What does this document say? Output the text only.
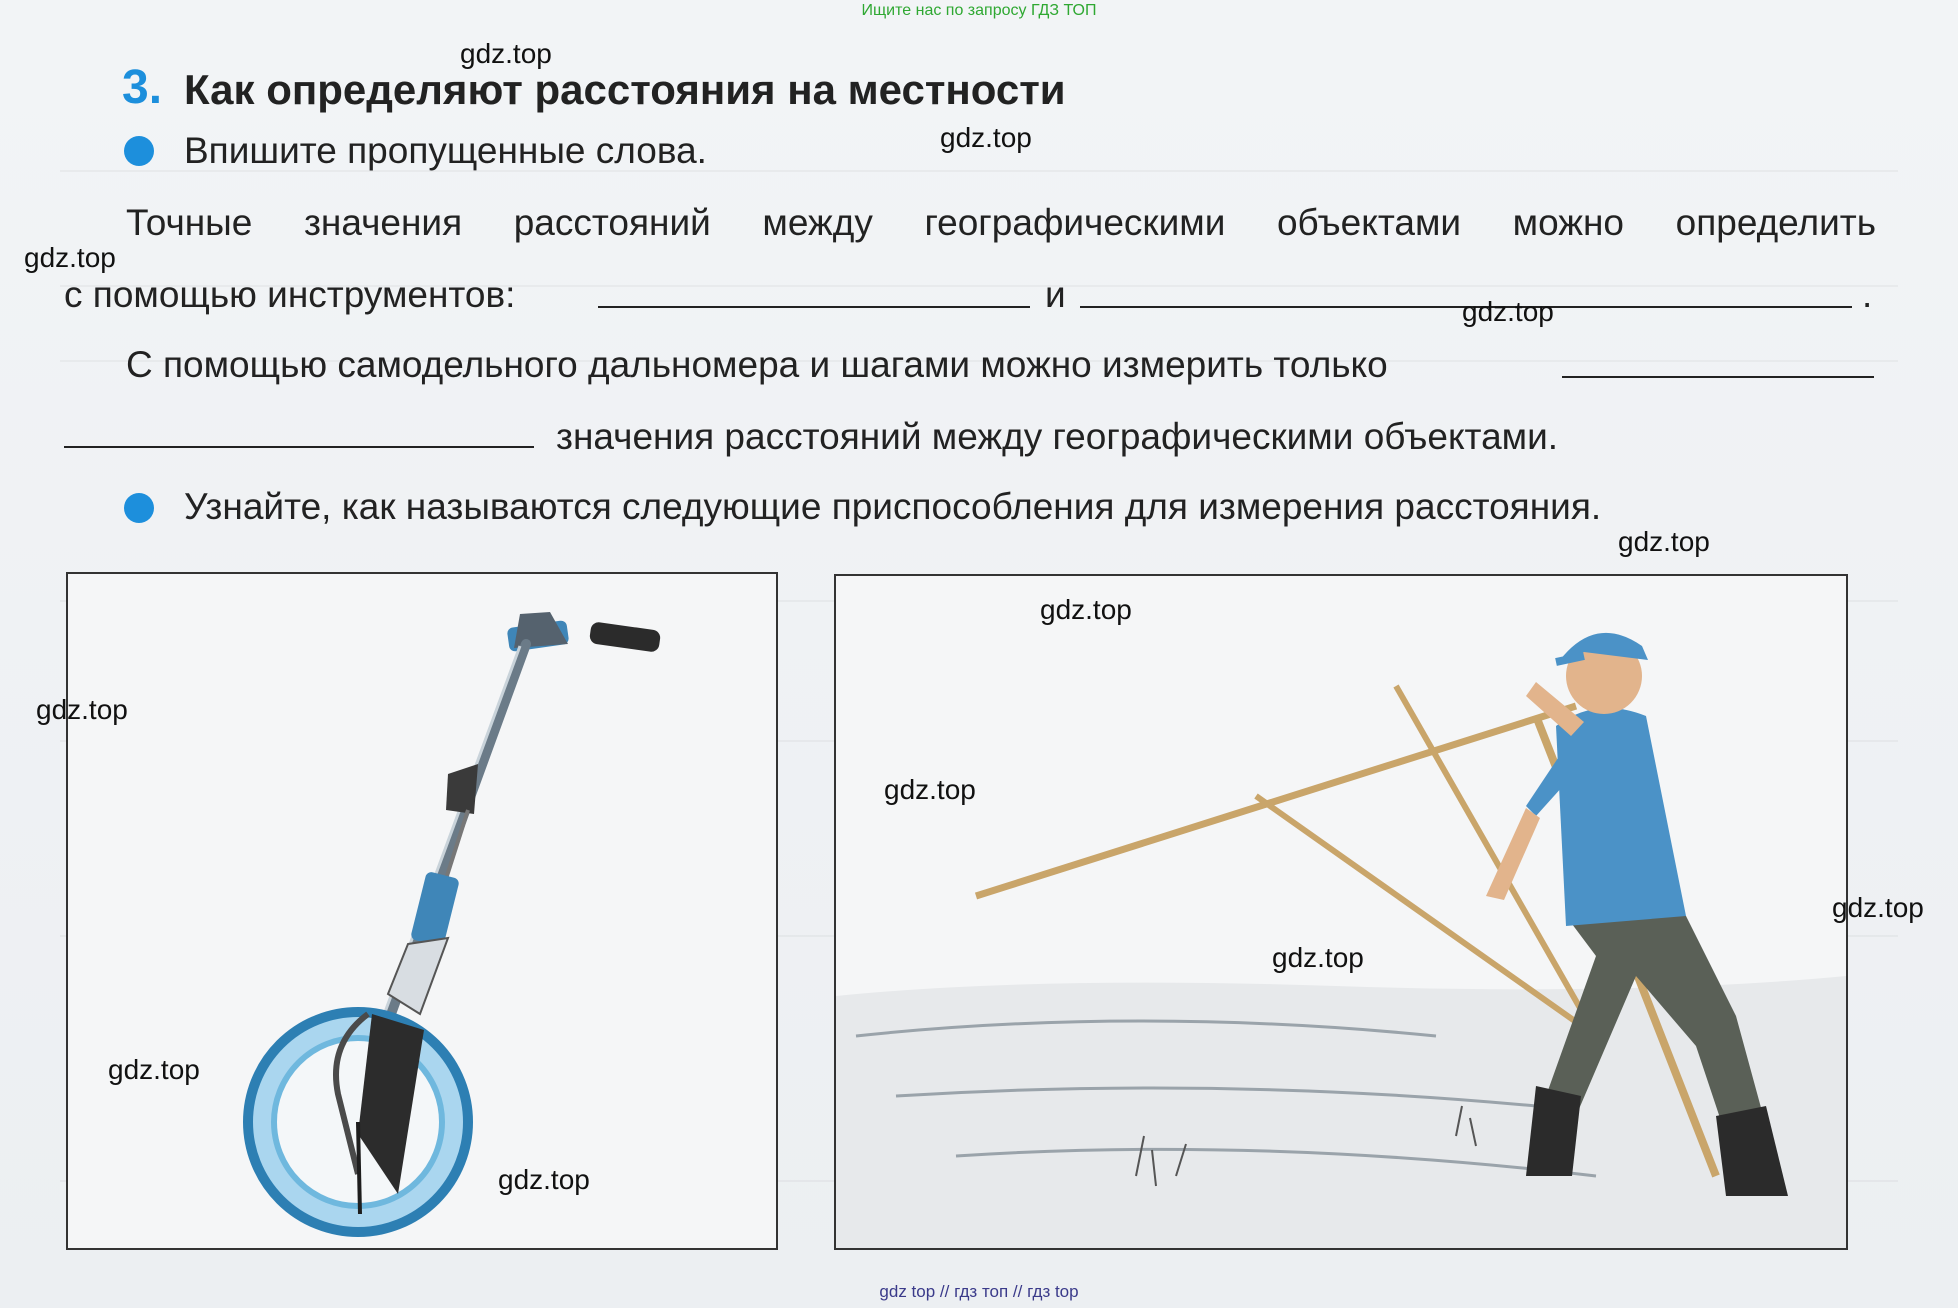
Ищите нас по запросу ГДЗ ТОП
3. Как определяют расстояния на местности
Впишите пропущенные слова.
Точные значения расстояний между географическими объектами можно определить
с помощью инструментов:	и	.
С помощью самодельного дальномера и шагами можно измерить только
значения расстояний между географическими объектами.
Узнайте, как называются следующие приспособления для измерения расстояния.
gdz.top
gdz.top
gdz.top
gdz.top
gdz.top
gdz.top
gdz.top
gdz.top
gdz.top
gdz.top
gdz.top
gdz.top
gdz top // гдз топ // гдз top
